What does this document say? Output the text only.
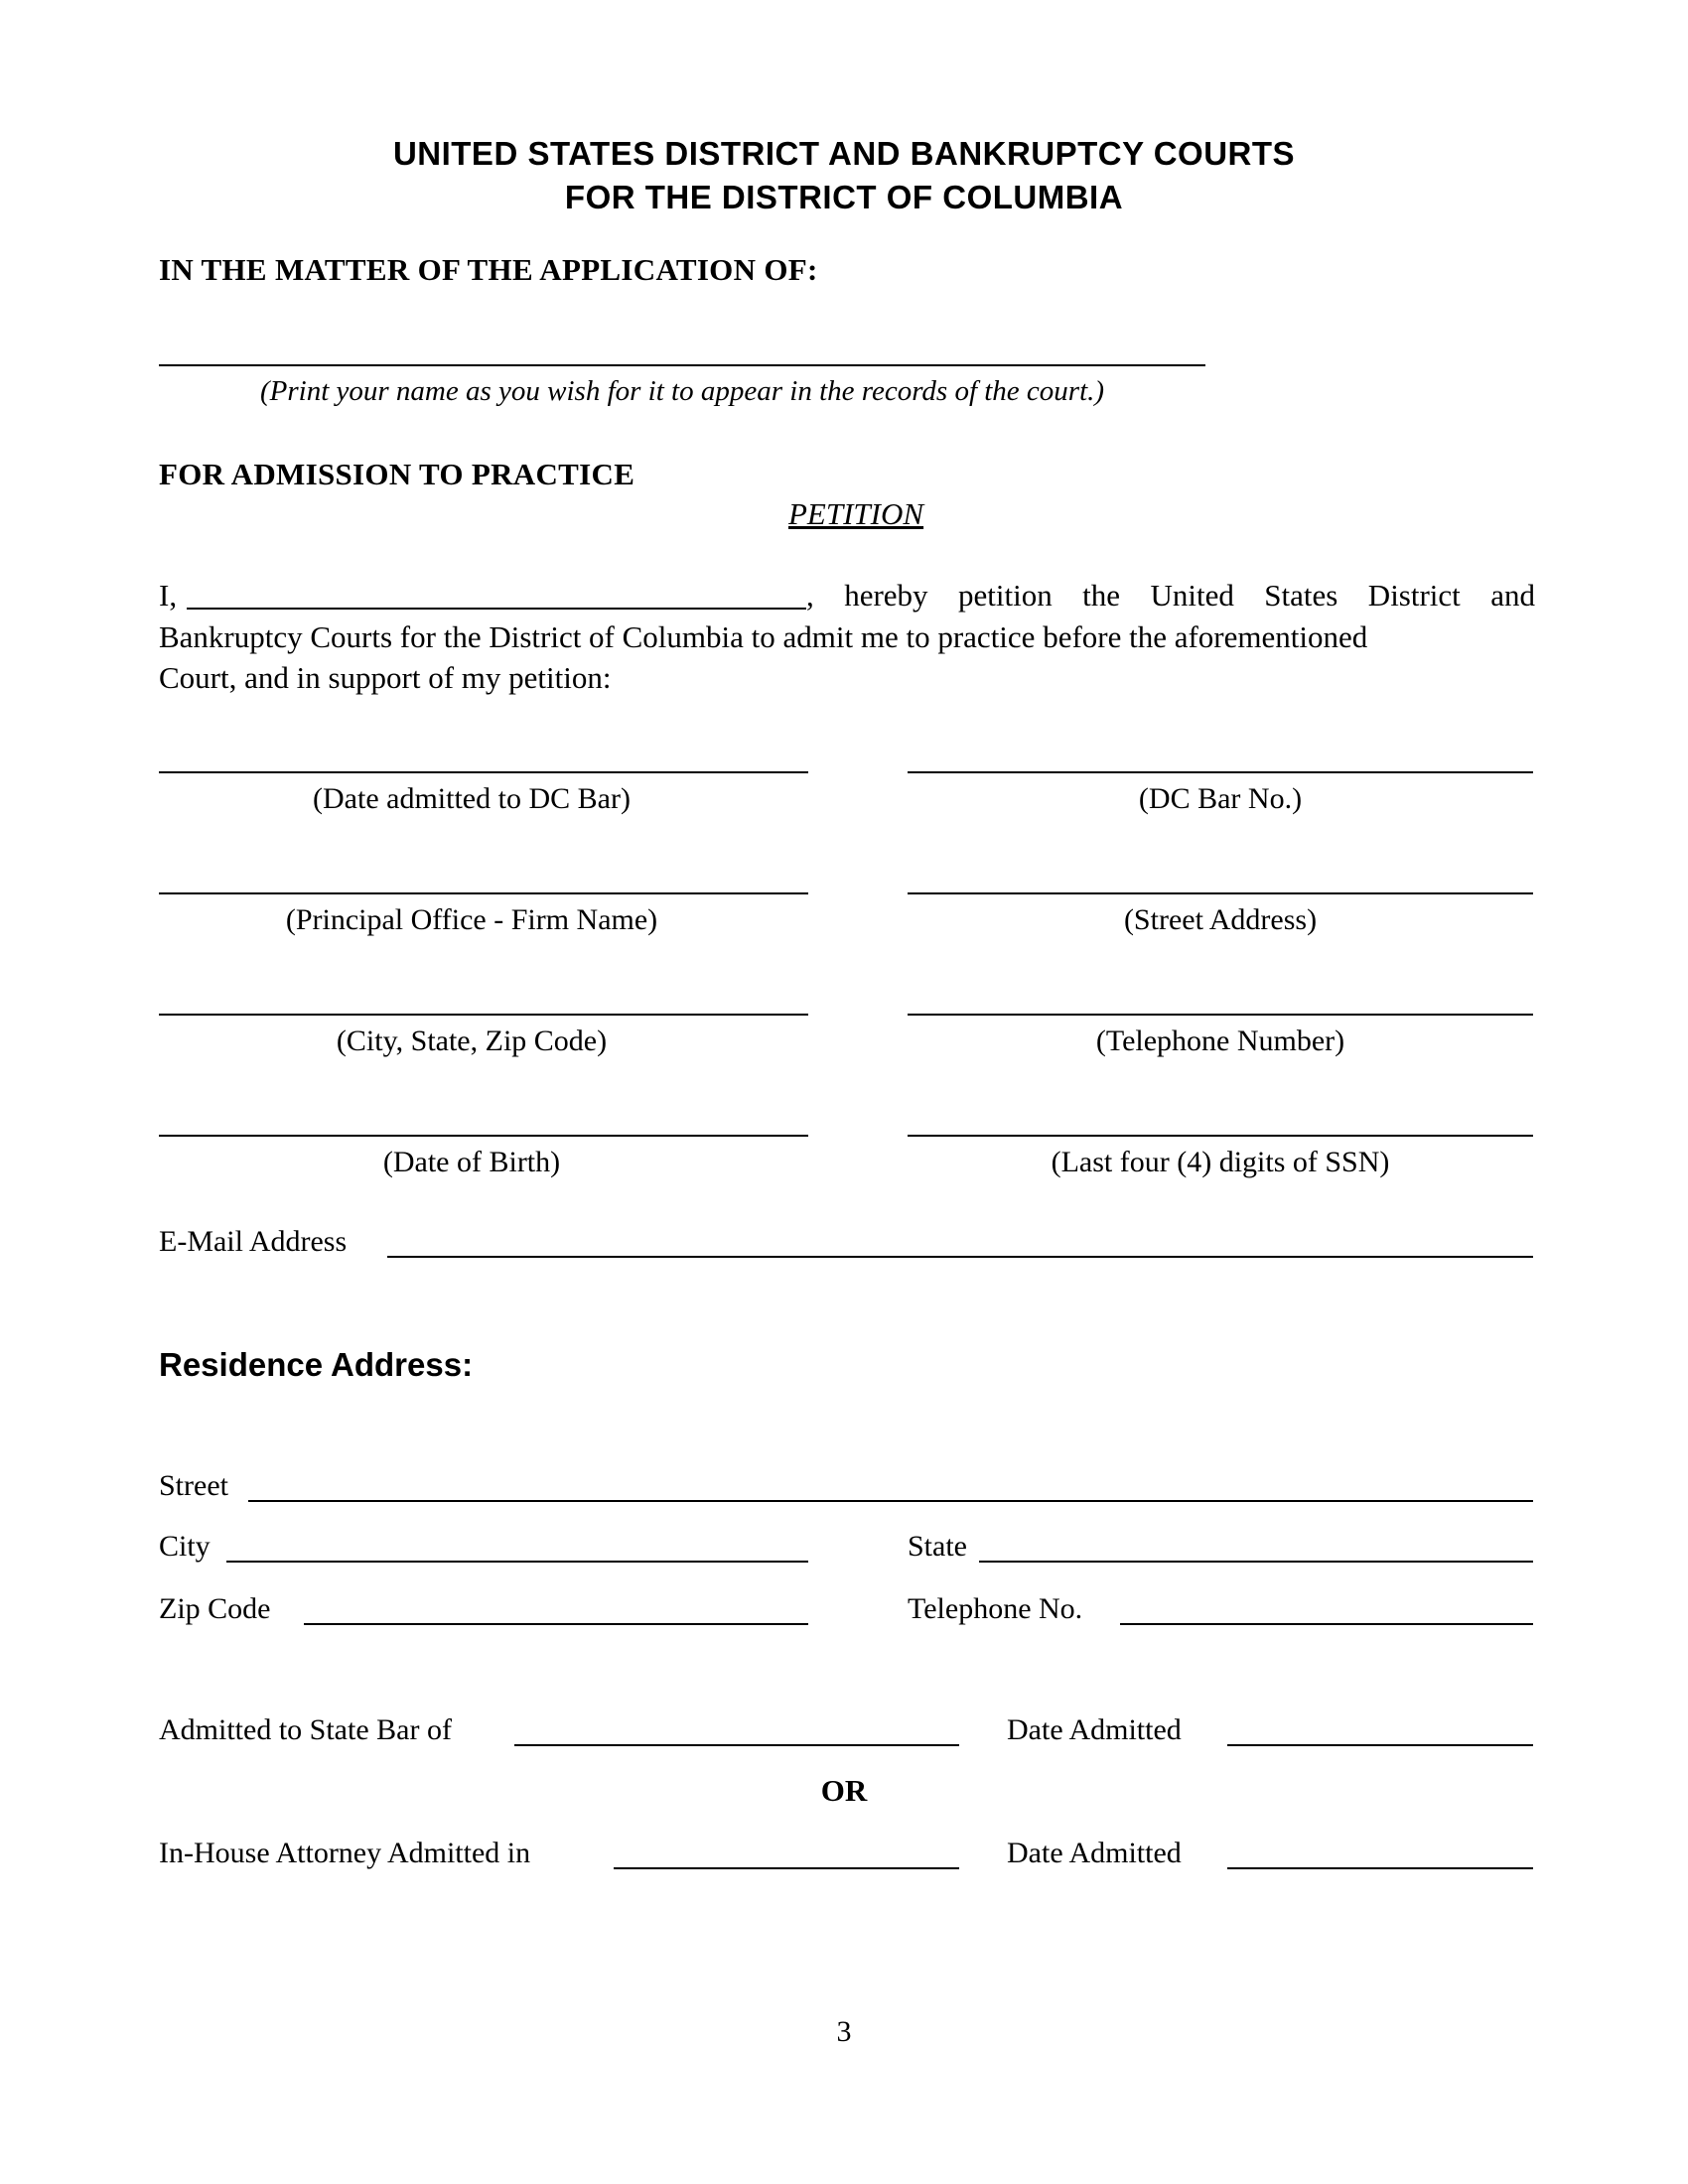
UNITED STATES DISTRICT AND BANKRUPTCY COURTS
FOR THE DISTRICT OF COLUMBIA
IN THE MATTER OF THE APPLICATION OF:
(Print your name as you wish for it to appear in the records of the court.)
FOR ADMISSION TO PRACTICE
PETITION
I,	, hereby petition the United States District and
Bankruptcy Courts for the District of Columbia to admit me to practice before the aforementioned
Court, and in support of my petition:
(Date admitted to DC Bar)	(DC Bar No.)
(Principal Office - Firm Name)	(Street Address)
(City, State, Zip Code)	(Telephone Number)
(Date of Birth)	(Last four (4) digits of SSN)
E-Mail Address
Residence Address:
Street
City	State
Zip Code	Telephone No.
Admitted to State Bar of	Date Admitted
OR
In-House Attorney Admitted in	Date Admitted
3
